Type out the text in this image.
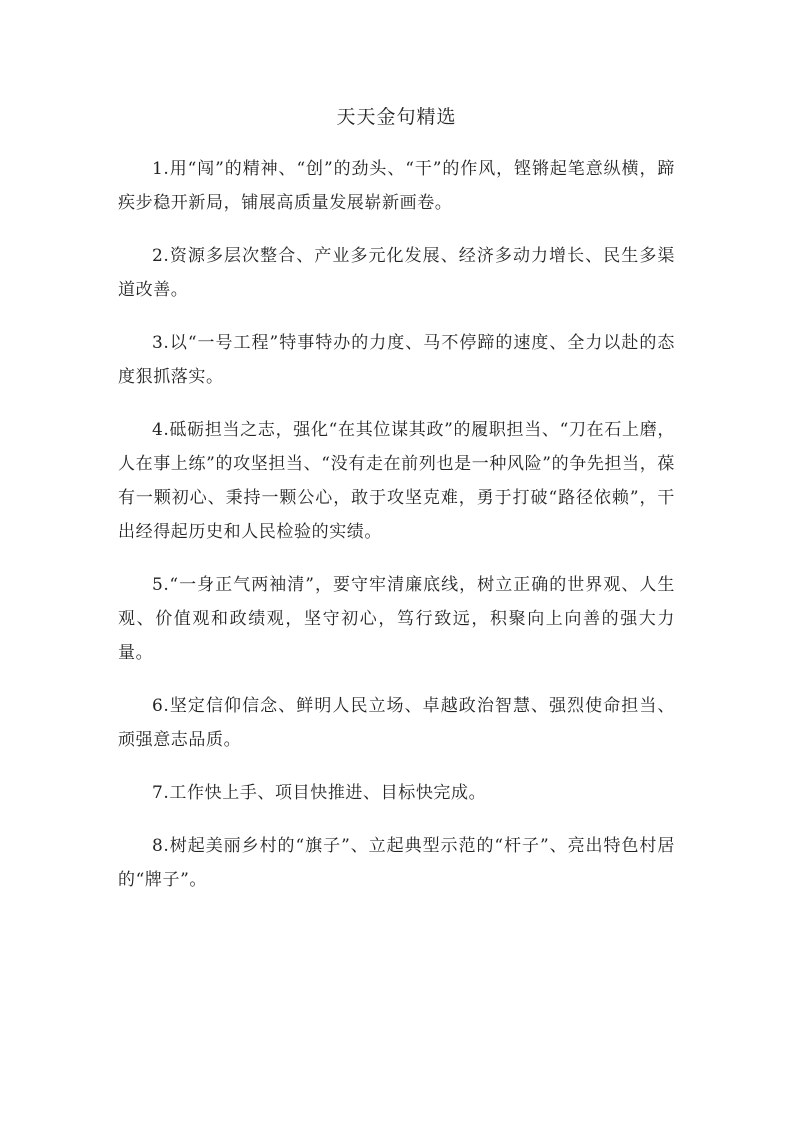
天天金句精选

1.用“闯”的精神、“创”的劲头、“干”的作风，铿锵起笔意纵横，蹄疾步稳开新局，铺展高质量发展崭新画卷。

2.资源多层次整合、产业多元化发展、经济多动力增长、民生多渠道改善。

3.以“一号工程”特事特办的力度、马不停蹄的速度、全力以赴的态度狠抓落实。

4.砥砺担当之志，强化“在其位谋其政”的履职担当、“刀在石上磨，人在事上练”的攻坚担当、“没有走在前列也是一种风险”的争先担当，葆有一颗初心、秉持一颗公心，敢于攻坚克难，勇于打破“路径依赖”，干出经得起历史和人民检验的实绩。

5.“一身正气两袖清”，要守牢清廉底线，树立正确的世界观、人生观、价值观和政绩观，坚守初心，笃行致远，积聚向上向善的强大力量。

6.坚定信仰信念、鲜明人民立场、卓越政治智慧、强烈使命担当、顽强意志品质。

7.工作快上手、项目快推进、目标快完成。

8.树起美丽乡村的“旗子”、立起典型示范的“杆子”、亮出特色村居的“牌子”。
